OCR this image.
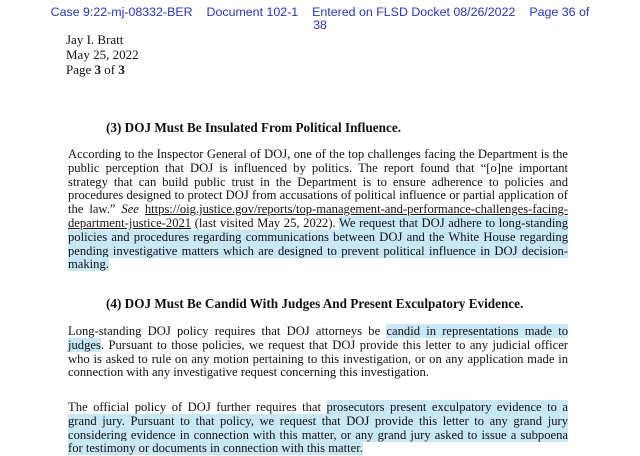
Case 9:22-mj-08332-BER Document 102-1 Entered on FLSD Docket 08/26/2022 Page 36 of
38
Jay I. Bratt
May 25, 2022
Page 3 of 3
(3) DOJ Must Be Insulated From Political Influence.
According to the Inspector General of DOJ, one of the top challenges facing the Department is the public perception that DOJ is influenced by politics. The report found that “[o]ne important strategy that can build public trust in the Department is to ensure adherence to policies and procedures designed to protect DOJ from accusations of political influence or partial application of the law.” See https://oig.justice.gov/reports/top-management-and-performance-challenges-facing-department-justice-2021 (last visited May 25, 2022). We request that DOJ adhere to long-standing policies and procedures regarding communications between DOJ and the White House regarding pending investigative matters which are designed to prevent political influence in DOJ decision-making.
(4) DOJ Must Be Candid With Judges And Present Exculpatory Evidence.
Long-standing DOJ policy requires that DOJ attorneys be candid in representations made to judges. Pursuant to those policies, we request that DOJ provide this letter to any judicial officer who is asked to rule on any motion pertaining to this investigation, or on any application made in connection with any investigative request concerning this investigation.
The official policy of DOJ further requires that prosecutors present exculpatory evidence to a grand jury. Pursuant to that policy, we request that DOJ provide this letter to any grand jury considering evidence in connection with this matter, or any grand jury asked to issue a subpoena for testimony or documents in connection with this matter.
